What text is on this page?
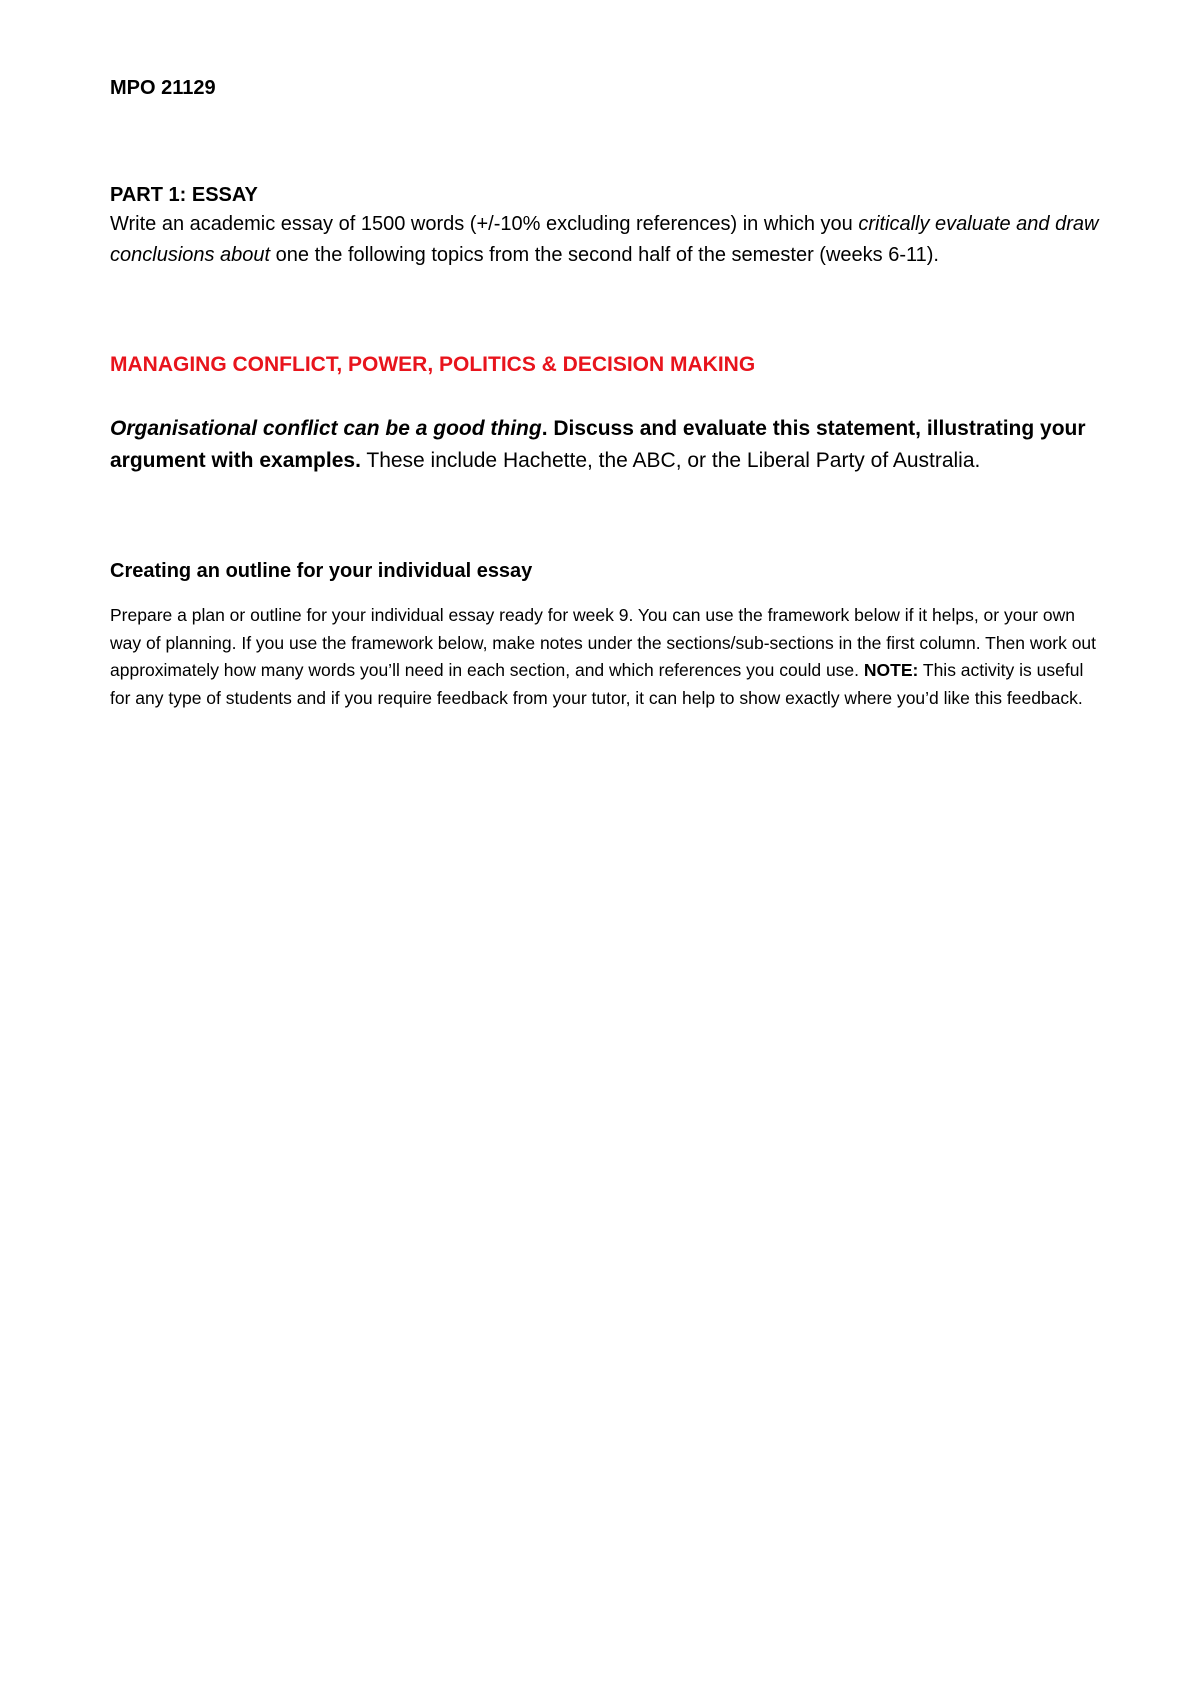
MPO 21129
PART 1: ESSAY
Write an academic essay of 1500 words (+/-10% excluding references) in which you critically evaluate and draw conclusions about one the following topics from the second half of the semester (weeks 6-11).
MANAGING CONFLICT, POWER, POLITICS & DECISION MAKING
Organisational conflict can be a good thing. Discuss and evaluate this statement, illustrating your argument with examples. These include Hachette, the ABC, or the Liberal Party of Australia.
Creating an outline for your individual essay
Prepare a plan or outline for your individual essay ready for week 9. You can use the framework below if it helps, or your own way of planning. If you use the framework below, make notes under the sections/sub-sections in the first column. Then work out approximately how many words you’ll need in each section, and which references you could use. NOTE: This activity is useful for any type of students and if you require feedback from your tutor, it can help to show exactly where you’d like this feedback.
